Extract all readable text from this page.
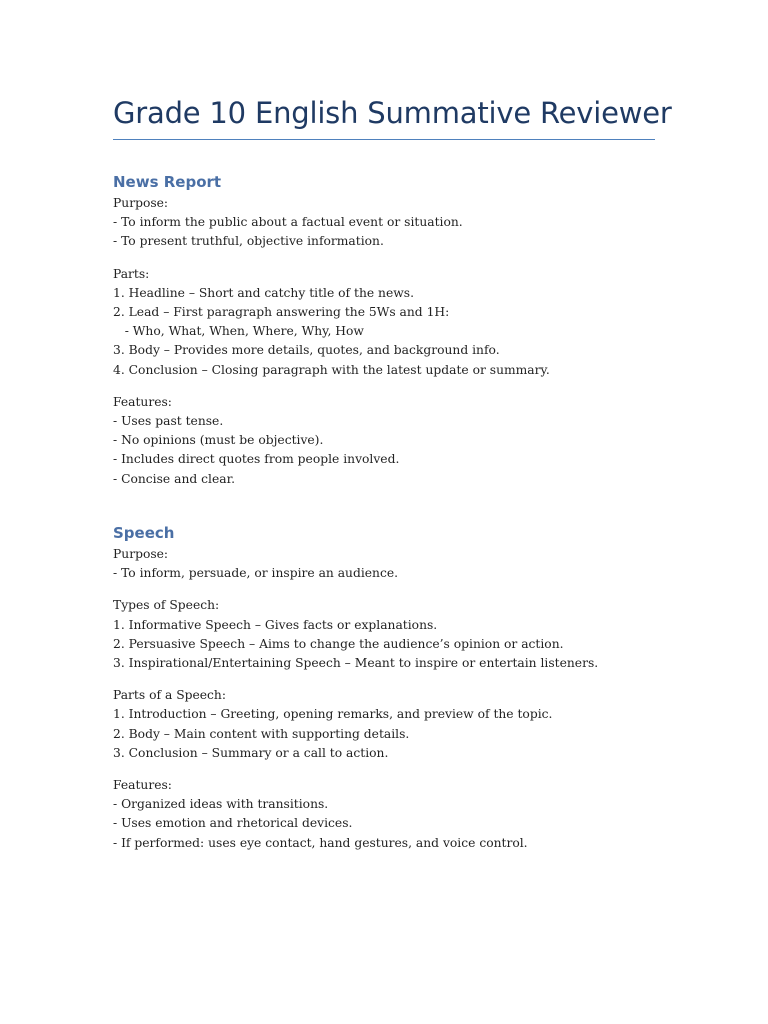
Grade 10 English Summative Reviewer
News Report
Purpose:
- To inform the public about a factual event or situation.
- To present truthful, objective information.
Parts:
1. Headline – Short and catchy title of the news.
2. Lead – First paragraph answering the 5Ws and 1H:
- Who, What, When, Where, Why, How
3. Body – Provides more details, quotes, and background info.
4. Conclusion – Closing paragraph with the latest update or summary.
Features:
- Uses past tense.
- No opinions (must be objective).
- Includes direct quotes from people involved.
- Concise and clear.
Speech
Purpose:
- To inform, persuade, or inspire an audience.
Types of Speech:
1. Informative Speech – Gives facts or explanations.
2. Persuasive Speech – Aims to change the audience’s opinion or action.
3. Inspirational/Entertaining Speech – Meant to inspire or entertain listeners.
Parts of a Speech:
1. Introduction – Greeting, opening remarks, and preview of the topic.
2. Body – Main content with supporting details.
3. Conclusion – Summary or a call to action.
Features:
- Organized ideas with transitions.
- Uses emotion and rhetorical devices.
- If performed: uses eye contact, hand gestures, and voice control.
